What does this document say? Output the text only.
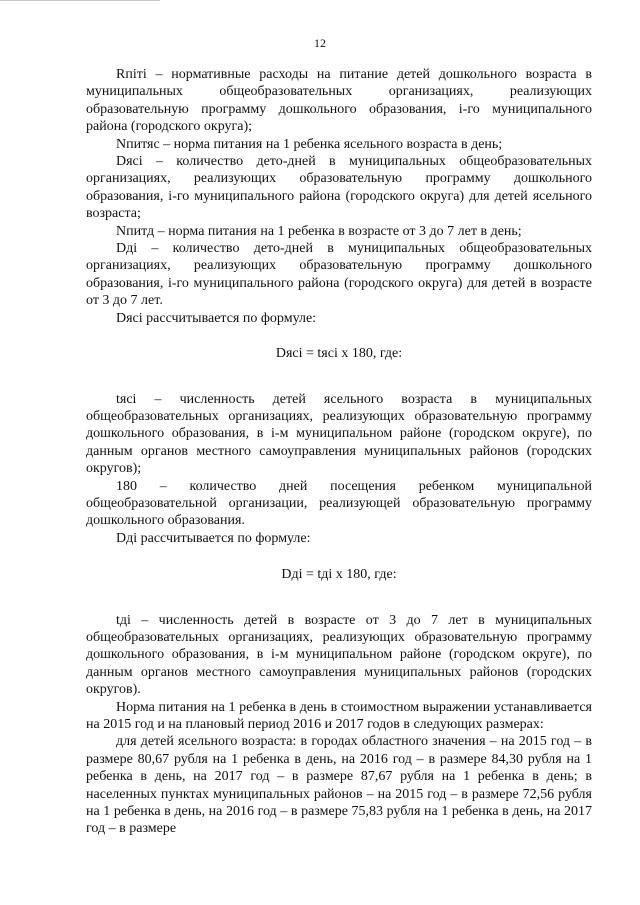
12

Rпiті – нормативные расходы на питание детей дошкольного возраста в муниципальных общеобразовательных организациях, реализующих образовательную программу дошкольного образования, i-го муниципального района (городского округа);

Nпитяс – норма питания на 1 ребенка ясельного возраста в день;

Dясі – количество дето-дней в муниципальных общеобразовательных организациях, реализующих образовательную программу дошкольного образования, i-го муниципального района (городского округа) для детей ясельного возраста;

Nпитд – норма питания на 1 ребенка в возрасте от 3 до 7 лет в день;

Dдi – количество дето-дней в муниципальных общеобразовательных организациях, реализующих образовательную программу дошкольного образования, i-го муниципального района (городского округа) для детей в возрасте от 3 до 7 лет.

Dясі рассчитывается по формуле:

Dясі = tясі x 180, где:

tясі – численность детей ясельного возраста в муниципальных общеобразовательных организациях, реализующих образовательную программу дошкольного образования, в i-м муниципальном районе (городском округе), по данным органов местного самоуправления муниципальных районов (городских округов);

180 – количество дней посещения ребенком муниципальной общеобразовательной организации, реализующей образовательную программу дошкольного образования.

Dдi рассчитывается по формуле:

Dдi = tдi x 180, где:

tдi – численность детей в возрасте от 3 до 7 лет в муниципальных общеобразовательных организациях, реализующих образовательную программу дошкольного образования, в i-м муниципальном районе (городском округе), по данным органов местного самоуправления муниципальных районов (городских округов).

Норма питания на 1 ребенка в день в стоимостном выражении устанавливается на 2015 год и на плановый период 2016 и 2017 годов в следующих размерах:

для детей ясельного возраста: в городах областного значения – на 2015 год – в размере 80,67 рубля на 1 ребенка в день, на 2016 год – в размере 84,30 рубля на 1 ребенка в день, на 2017 год – в размере 87,67 рубля на 1 ребенка в день; в населенных пунктах муниципальных районов – на 2015 год – в размере 72,56 рубля на 1 ребенка в день, на 2016 год – в размере 75,83 рубля на 1 ребенка в день, на 2017 год – в размере
